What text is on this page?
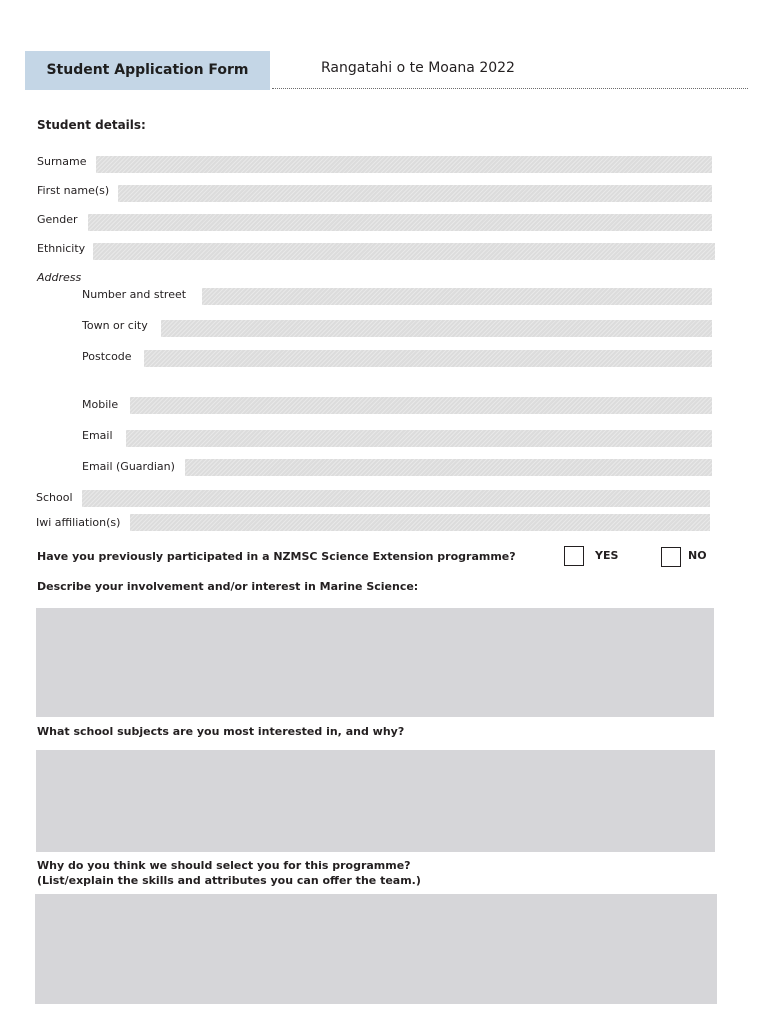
Student Application Form	Rangatahi o te Moana 2022
Student details:
Surname
First name(s)
Gender
Ethnicity
Address
Number and street
Town or city
Postcode
Mobile
Email
Email (Guardian)
School
Iwi affiliation(s)
Have you previously participated in a NZMSC Science Extension programme?	YES	NO
Describe your involvement and/or interest in Marine Science:
What school subjects are you most interested in, and why?
Why do you think we should select you for this programme?
(List/explain the skills and attributes you can offer the team.)
